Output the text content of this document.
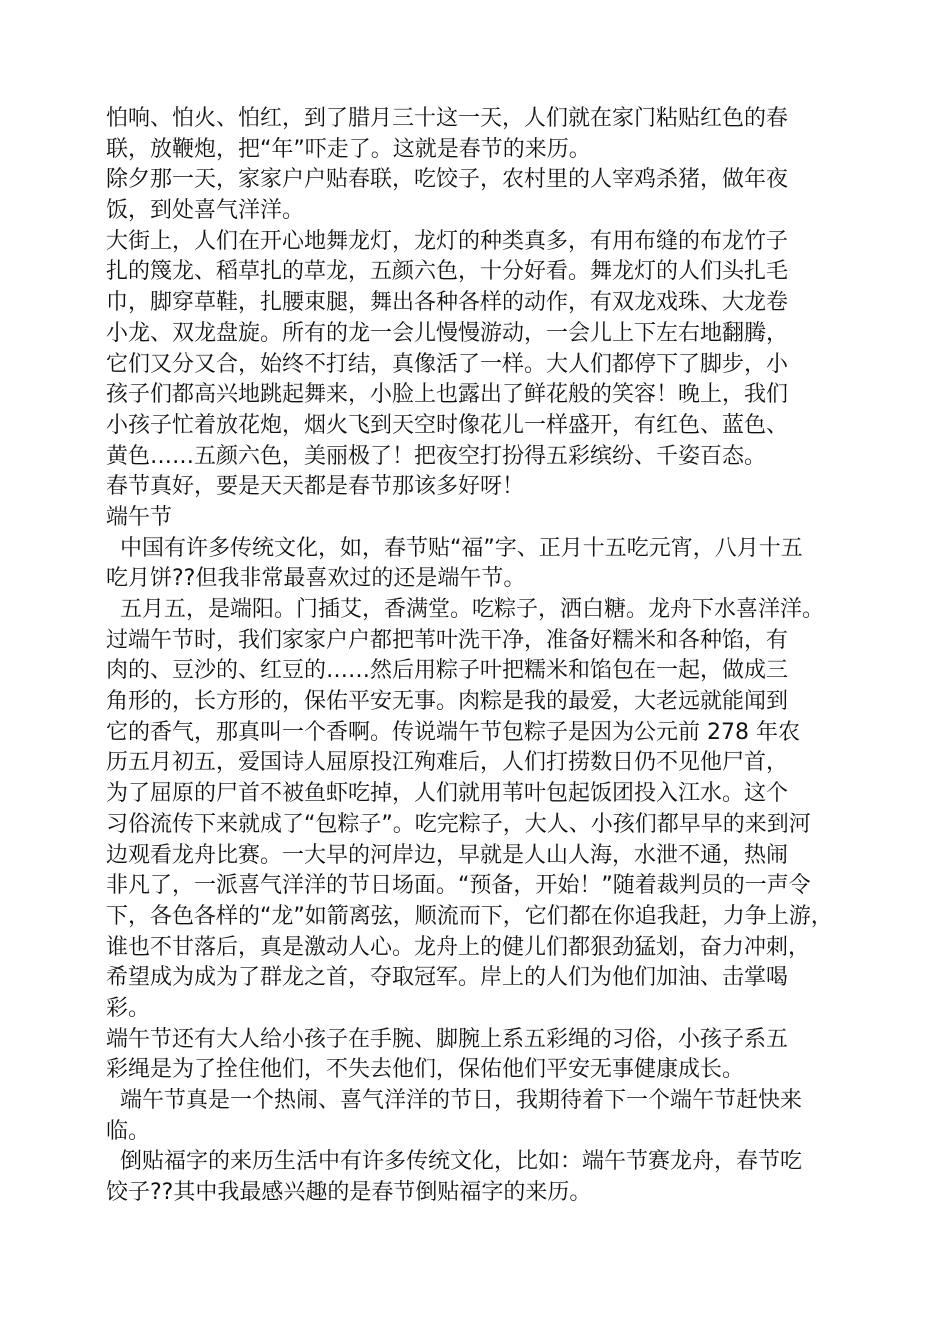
怕响、怕火、怕红，到了腊月三十这一天，人们就在家门粘贴红色的春
联，放鞭炮，把“年”吓走了。这就是春节的来历。
除夕那一天，家家户户贴春联，吃饺子，农村里的人宰鸡杀猪，做年夜
饭，到处喜气洋洋。
大街上，人们在开心地舞龙灯，龙灯的种类真多，有用布缝的布龙竹子
扎的篾龙、稻草扎的草龙，五颜六色，十分好看。舞龙灯的人们头扎毛
巾，脚穿草鞋，扎腰束腿，舞出各种各样的动作，有双龙戏珠、大龙卷
小龙、双龙盘旋。所有的龙一会儿慢慢游动，一会儿上下左右地翻腾，
它们又分又合，始终不打结，真像活了一样。大人们都停下了脚步，小
孩子们都高兴地跳起舞来，小脸上也露出了鲜花般的笑容！晚上，我们
小孩子忙着放花炮，烟火飞到天空时像花儿一样盛开，有红色、蓝色、
黄色……五颜六色，美丽极了！把夜空打扮得五彩缤纷、千姿百态。
春节真好，要是天天都是春节那该多好呀！
端午节
中国有许多传统文化，如，春节贴“福”字、正月十五吃元宵，八月十五
吃月饼??但我非常最喜欢过的还是端午节。
五月五，是端阳。门插艾，香满堂。吃粽子，洒白糖。龙舟下水喜洋洋。
过端午节时，我们家家户户都把苇叶洗干净，准备好糯米和各种馅，有
肉的、豆沙的、红豆的……然后用粽子叶把糯米和馅包在一起，做成三
角形的，长方形的，保佑平安无事。肉粽是我的最爱，大老远就能闻到
它的香气，那真叫一个香啊。传说端午节包粽子是因为公元前 278 年农
历五月初五，爱国诗人屈原投江殉难后，人们打捞数日仍不见他尸首，
为了屈原的尸首不被鱼虾吃掉，人们就用苇叶包起饭团投入江水。这个
习俗流传下来就成了“包粽子”。吃完粽子，大人、小孩们都早早的来到河
边观看龙舟比赛。一大早的河岸边，早就是人山人海，水泄不通，热闹
非凡了，一派喜气洋洋的节日场面。“预备，开始！”随着裁判员的一声令
下，各色各样的“龙”如箭离弦，顺流而下，它们都在你追我赶，力争上游，
谁也不甘落后，真是激动人心。龙舟上的健儿们都狠劲猛划，奋力冲刺，
希望成为成为了群龙之首，夺取冠军。岸上的人们为他们加油、击掌喝
彩。
端午节还有大人给小孩子在手腕、脚腕上系五彩绳的习俗，小孩子系五
彩绳是为了拴住他们，不失去他们，保佑他们平安无事健康成长。
端午节真是一个热闹、喜气洋洋的节日，我期待着下一个端午节赶快来
临。
倒贴福字的来历生活中有许多传统文化，比如：端午节赛龙舟，春节吃
饺子??其中我最感兴趣的是春节倒贴福字的来历。
